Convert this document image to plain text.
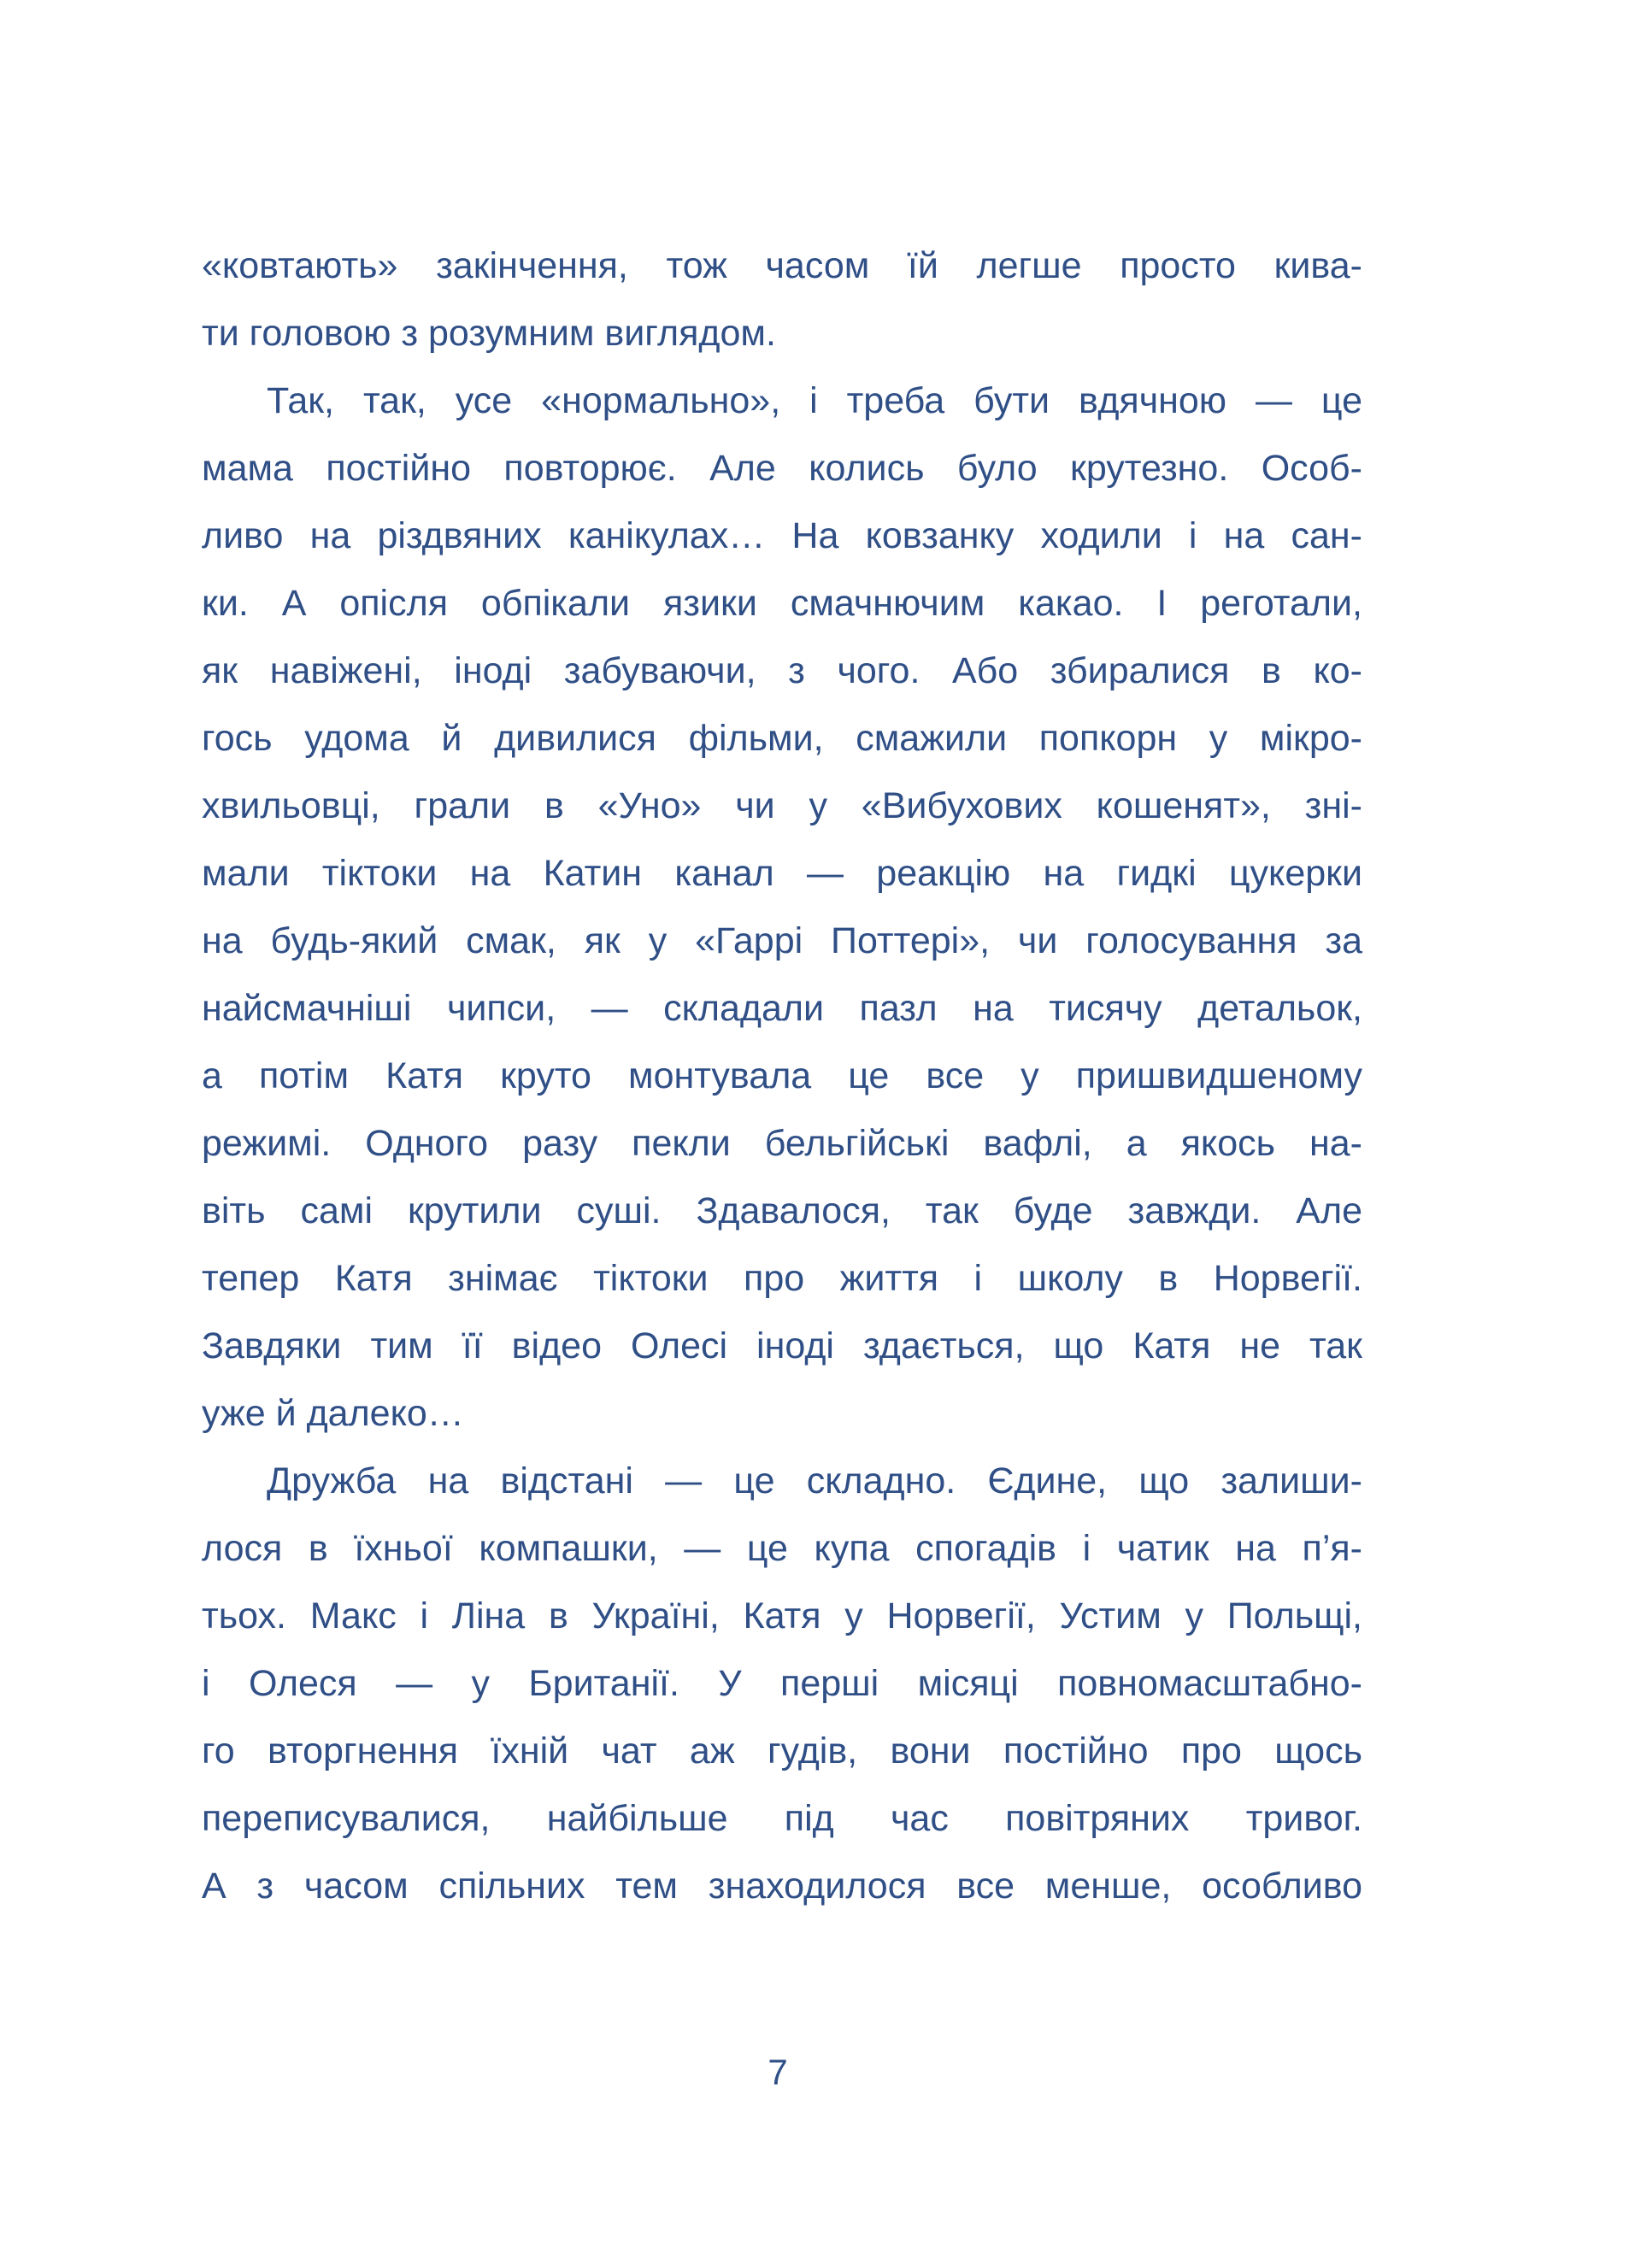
«ковтають» закінчення, тож часом їй легше просто кива-
ти головою з розумним виглядом.
Так, так, усе «нормально», і треба бути вдячною — це
мама постійно повторює. Але колись було крутезно. Особ-
ливо на різдвяних канікулах… На ковзанку ходили і на сан-
ки. А опісля обпікали язики смачнючим какао. І реготали,
як навіжені, іноді забуваючи, з чого. Або збиралися в ко-
гось удома й дивилися фільми, смажили попкорн у мікро-
хвильовці, грали в «Уно» чи у «Вибухових кошенят», зні-
мали тіктоки на Катин канал — реакцію на гидкі цукерки
на будь-який смак, як у «Гаррі Поттері», чи голосування за
найсмачніші чипси, — складали пазл на тисячу детальок,
а потім Катя круто монтувала це все у пришвидшеному
режимі. Одного разу пекли бельгійські вафлі, а якось на-
віть самі крутили суші. Здавалося, так буде завжди. Але
тепер Катя знімає тіктоки про життя і школу в Норвегії.
Завдяки тим її відео Олесі іноді здається, що Катя не так
уже й далеко…
Дружба на відстані — це складно. Єдине, що залиши-
лося в їхньої компашки, — це купа спогадів і чатик на п’я-
тьох. Макс і Ліна в Україні, Катя у Норвегії, Устим у Польщі,
і Олеся — у Британії. У перші місяці повномасштабно-
го вторгнення їхній чат аж гудів, вони постійно про щось
переписувалися, найбільше під час повітряних тривог.
А з часом спільних тем знаходилося все менше, особливо
7
